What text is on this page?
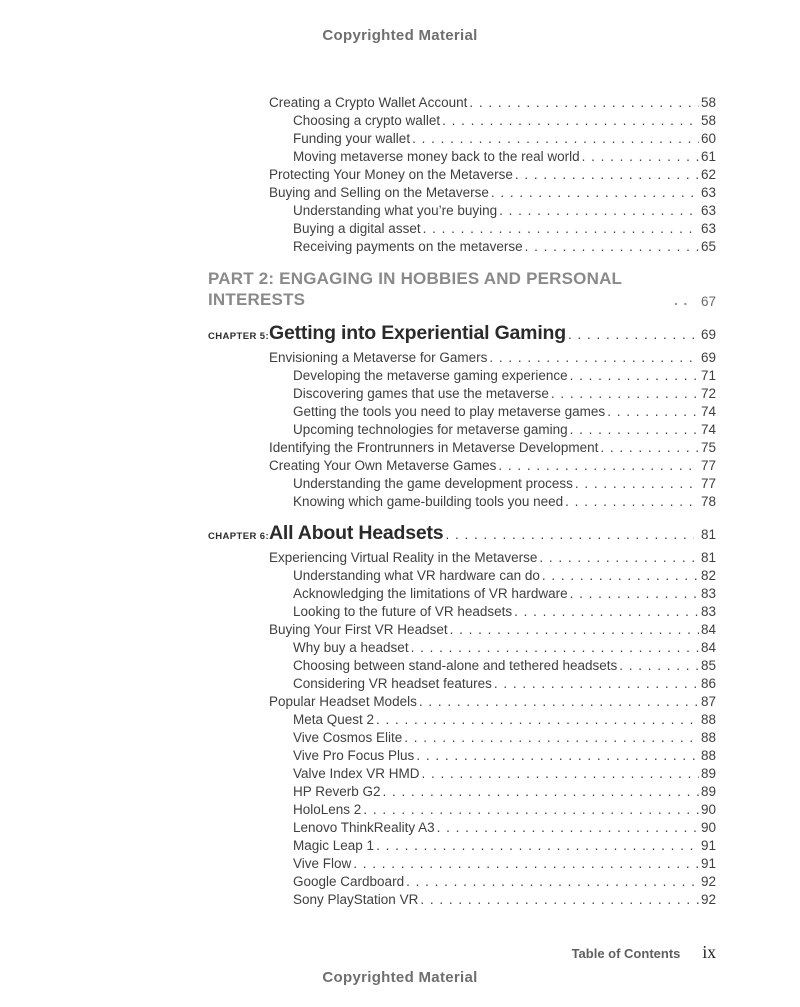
Copyrighted Material
Creating a Crypto Wallet Account . . .	58
Choosing a crypto wallet . . .	58
Funding your wallet . . .	60
Moving metaverse money back to the real world . . .	61
Protecting Your Money on the Metaverse . . .	62
Buying and Selling on the Metaverse . . .	63
Understanding what you’re buying . . .	63
Buying a digital asset . . .	63
Receiving payments on the metaverse . . .	65
PART 2: ENGAGING IN HOBBIES AND PERSONAL INTERESTS . . .	67
CHAPTER 5: Getting into Experiential Gaming . . .	69
Envisioning a Metaverse for Gamers . . .	69
Developing the metaverse gaming experience . . .	71
Discovering games that use the metaverse . . .	72
Getting the tools you need to play metaverse games . . .	74
Upcoming technologies for metaverse gaming . . .	74
Identifying the Frontrunners in Metaverse Development . . .	75
Creating Your Own Metaverse Games . . .	77
Understanding the game development process . . .	77
Knowing which game-building tools you need . . .	78
CHAPTER 6: All About Headsets . . .	81
Experiencing Virtual Reality in the Metaverse . . .	81
Understanding what VR hardware can do . . .	82
Acknowledging the limitations of VR hardware . . .	83
Looking to the future of VR headsets . . .	83
Buying Your First VR Headset . . .	84
Why buy a headset . . .	84
Choosing between stand-alone and tethered headsets . . .	85
Considering VR headset features . . .	86
Popular Headset Models . . .	87
Meta Quest 2 . . .	88
Vive Cosmos Elite . . .	88
Vive Pro Focus Plus . . .	88
Valve Index VR HMD . . .	89
HP Reverb G2 . . .	89
HoloLens 2 . . .	90
Lenovo ThinkReality A3 . . .	90
Magic Leap 1 . . .	91
Vive Flow . . .	91
Google Cardboard . . .	92
Sony PlayStation VR . . .	92
Table of Contents ix
Copyrighted Material
